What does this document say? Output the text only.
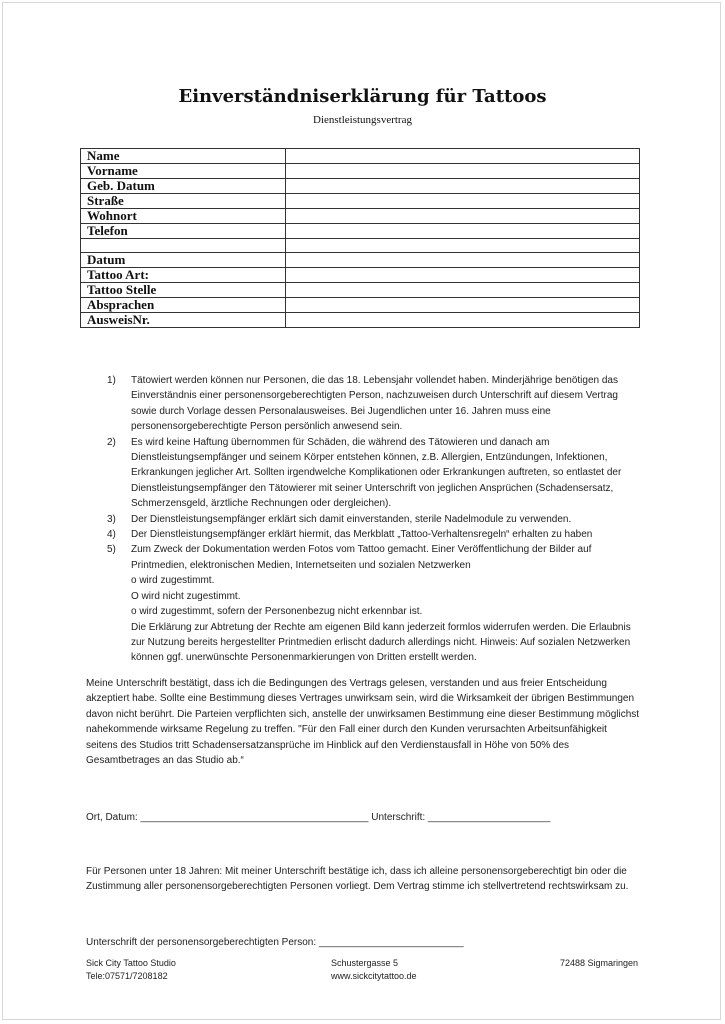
Einverständniserklärung für Tattoos
Dienstleistungsvertrag
Name	
Vorname	
Geb. Datum	
Straße	
Wohnort	
Telefon	

Datum	
Tattoo Art:	
Tattoo Stelle	
Absprachen	
AusweisNr.	
1) Tätowiert werden können nur Personen, die das 18. Lebensjahr vollendet haben. Minderjährige benötigen das Einverständnis einer personensorgeberechtigten Person, nachzuweisen durch Unterschrift auf diesem Vertrag sowie durch Vorlage dessen Personalausweises. Bei Jugendlichen unter 16. Jahren muss eine personensorgeberechtigte Person persönlich anwesend sein.
2) Es wird keine Haftung übernommen für Schäden, die während des Tätowieren und danach am Dienstleistungsempfänger und seinem Körper entstehen können, z.B. Allergien, Entzündungen, Infektionen, Erkrankungen jeglicher Art. Sollten irgendwelche Komplikationen oder Erkrankungen auftreten, so entlastet der Dienstleistungsempfänger den Tätowierer mit seiner Unterschrift von jeglichen Ansprüchen (Schadensersatz, Schmerzensgeld, ärztliche Rechnungen oder dergleichen).
3) Der Dienstleistungsempfänger erklärt sich damit einverstanden, sterile Nadelmodule zu verwenden.
4) Der Dienstleistungsempfänger erklärt hiermit, das Merkblatt „Tattoo-Verhaltensregeln“ erhalten zu haben
5) Zum Zweck der Dokumentation werden Fotos vom Tattoo gemacht. Einer Veröffentlichung der Bilder auf Printmedien, elektronischen Medien, Internetseiten und sozialen Netzwerken
o wird zugestimmt.
O wird nicht zugestimmt.
o wird zugestimmt, sofern der Personenbezug nicht erkennbar ist.
Die Erklärung zur Abtretung der Rechte am eigenen Bild kann jederzeit formlos widerrufen werden. Die Erlaubnis zur Nutzung bereits hergestellter Printmedien erlischt dadurch allerdings nicht. Hinweis: Auf sozialen Netzwerken können ggf. unerwünschte Personenmarkierungen von Dritten erstellt werden.

Meine Unterschrift bestätigt, dass ich die Bedingungen des Vertrags gelesen, verstanden und aus freier Entscheidung akzeptiert habe. Sollte eine Bestimmung dieses Vertrages unwirksam sein, wird die Wirksamkeit der übrigen Bestimmungen davon nicht berührt. Die Parteien verpflichten sich, anstelle der unwirksamen Bestimmung eine dieser Bestimmung möglichst nahekommende wirksame Regelung zu treffen. "Für den Fall einer durch den Kunden verursachten Arbeitsunfähigkeit seitens des Studios tritt Schadensersatzansprüche im Hinblick auf den Verdienstausfall in Höhe von 50% des Gesamtbetrages an das Studio ab.“

Ort, Datum: _________________________________________ Unterschrift: ______________________

Für Personen unter 18 Jahren: Mit meiner Unterschrift bestätige ich, dass ich alleine personensorgeberechtigt bin oder die Zustimmung aller personensorgeberechtigten Personen vorliegt. Dem Vertrag stimme ich stellvertretend rechtswirksam zu.

Unterschrift der personensorgeberechtigten Person: __________________________
Sick City Tattoo Studio
Tele:07571/7208182
Schustergasse 5
www.sickcitytattoo.de
72488 Sigmaringen
